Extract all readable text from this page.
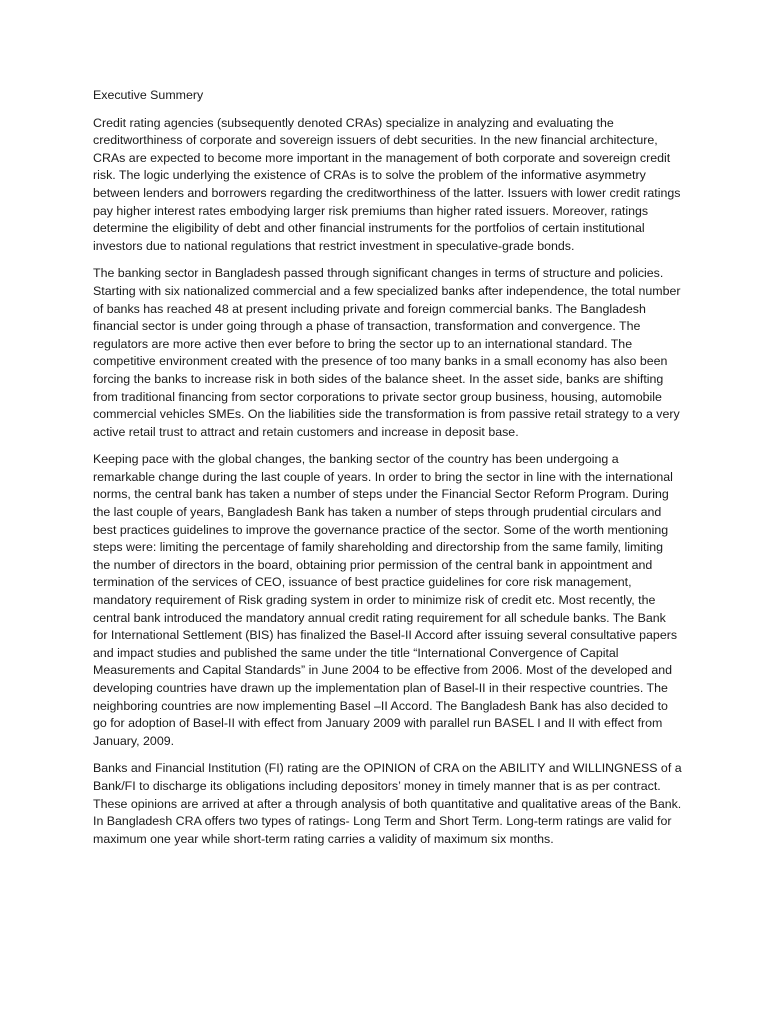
Executive Summery

Credit rating agencies (subsequently denoted CRAs) specialize in analyzing and evaluating the creditworthiness of corporate and sovereign issuers of debt securities. In the new financial architecture, CRAs are expected to become more important in the management of both corporate and sovereign credit risk. The logic underlying the existence of CRAs is to solve the problem of the informative asymmetry between lenders and borrowers regarding the creditworthiness of the latter. Issuers with lower credit ratings pay higher interest rates embodying larger risk premiums than higher rated issuers. Moreover, ratings determine the eligibility of debt and other financial instruments for the portfolios of certain institutional investors due to national regulations that restrict investment in speculative-grade bonds.

The banking sector in Bangladesh passed through significant changes in terms of structure and policies. Starting with six nationalized commercial and a few specialized banks after independence, the total number of banks has reached 48 at present including private and foreign commercial banks. The Bangladesh financial sector is under going through a phase of transaction, transformation and convergence. The regulators are more active then ever before to bring the sector up to an international standard. The competitive environment created with the presence of too many banks in a small economy has also been forcing the banks to increase risk in both sides of the balance sheet. In the asset side, banks are shifting from traditional financing from sector corporations to private sector group business, housing, automobile commercial vehicles SMEs. On the liabilities side the transformation is from passive retail strategy to a very active retail trust to attract and retain customers and increase in deposit base.

Keeping pace with the global changes, the banking sector of the country has been undergoing a remarkable change during the last couple of years. In order to bring the sector in line with the international norms, the central bank has taken a number of steps under the Financial Sector Reform Program. During the last couple of years, Bangladesh Bank has taken a number of steps through prudential circulars and best practices guidelines to improve the governance practice of the sector. Some of the worth mentioning steps were: limiting the percentage of family shareholding and directorship from the same family, limiting the number of directors in the board, obtaining prior permission of the central bank in appointment and termination of the services of CEO, issuance of best practice guidelines for core risk management, mandatory requirement of Risk grading system in order to minimize risk of credit etc. Most recently, the central bank introduced the mandatory annual credit rating requirement for all schedule banks. The Bank for International Settlement (BIS) has finalized the Basel-II Accord after issuing several consultative papers and impact studies and published the same under the title “International Convergence of Capital Measurements and Capital Standards” in June 2004 to be effective from 2006. Most of the developed and developing countries have drawn up the implementation plan of Basel-II in their respective countries. The neighboring countries are now implementing Basel –II Accord. The Bangladesh Bank has also decided to go for adoption of Basel-II with effect from January 2009 with parallel run BASEL I and II with effect from January, 2009.

Banks and Financial Institution (FI) rating are the OPINION of CRA on the ABILITY and WILLINGNESS of a Bank/FI to discharge its obligations including depositors’ money in timely manner that is as per contract. These opinions are arrived at after a through analysis of both quantitative and qualitative areas of the Bank. In Bangladesh CRA offers two types of ratings- Long Term and Short Term. Long-term ratings are valid for maximum one year while short-term rating carries a validity of maximum six months.
